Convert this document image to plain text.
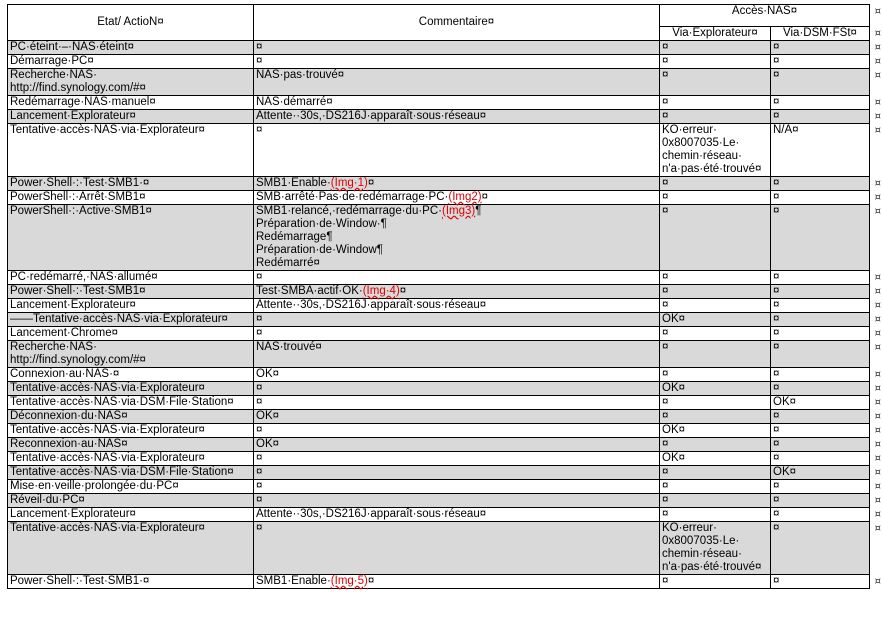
Etat/ ActioN¤	Commentaire¤	Accès·NAS¤ ¤	

		Via·Explorateur¤	Via·DSM·FSt¤ ¤

PC·éteint·–·NAS·éteint¤	¤	¤	¤ ¤

Démarrage·PC¤	¤	¤	¤ ¤

Recherche·NAS·
http://find.synology.com/#¤	NAS·pas·trouvé¤	¤	¤ ¤

Redémarrage·NAS·manuel¤	NAS·démarré¤	¤	¤ ¤

Lancement·Explorateur¤	Attente··30s,·DS216J·apparaît·sous·réseau¤	¤	¤ ¤

Tentative·accès·NAS·via·Explorateur¤	¤	KO·erreur·
0x8007035·Le·
chemin·réseau·
n'a·pas·été·trouvé¤	N/A¤ ¤

Power·Shell·:·Test·SMB1·¤	SMB1·Enable·(Img·1)¤	¤	¤ ¤

PowerShell·:·Arrêt·SMB1¤	SMB·arrêté·Pas·de·redémarrage·PC·(Img2)¤	¤	¤ ¤

PowerShell·:·Active·SMB1¤	SMB1·relancé,·redémarrage·du·PC·(Img3)¶
Préparation·de·Window·¶
Redémarrage¶
Préparation·de·Window¶
Redémarré¤	¤	¤ ¤

PC·redémarré,·NAS·allumé¤	¤	¤	¤ ¤

Power·Shell·:·Test·SMB1¤	Test·SMBA·actif·OK·(Img·4)¤	¤	¤ ¤

Lancement·Explorateur¤	Attente··30s,·DS216J·apparaît·sous·réseau¤	¤	¤ ¤

——Tentative·accès·NAS·via·Explorateur¤	¤	OK¤	¤ ¤

Lancement·Chrome¤	¤	¤	¤ ¤

Recherche·NAS·
http://find.synology.com/#¤	NAS·trouvé¤	¤	¤ ¤

Connexion·au·NAS·¤	OK¤	¤	¤ ¤

Tentative·accès·NAS·via·Explorateur¤	¤	OK¤	¤ ¤

Tentative·accès·NAS·via·DSM·File·Station¤	¤	¤	OK¤ ¤

Déconnexion·du·NAS¤	OK¤	¤	¤ ¤

Tentative·accès·NAS·via·Explorateur¤	¤	OK¤	¤ ¤

Reconnexion·au·NAS¤	OK¤	¤	¤ ¤

Tentative·accès·NAS·via·Explorateur¤	¤	OK¤	¤ ¤

Tentative·accès·NAS·via·DSM·File·Station¤	¤	¤	OK¤ ¤

Mise·en·veille·prolongée·du·PC¤	¤	¤	¤ ¤

Réveil·du·PC¤	¤	¤	¤ ¤

Lancement·Explorateur¤	Attente··30s,·DS216J·apparaît·sous·réseau¤	¤	¤ ¤

Tentative·accès·NAS·via·Explorateur¤	¤	KO·erreur·
0x8007035·Le·
chemin·réseau·
n'a·pas·été·trouvé¤	¤ ¤

Power·Shell·:·Test·SMB1·¤	SMB1·Enable·(Img·5)¤	¤	¤ ¤
